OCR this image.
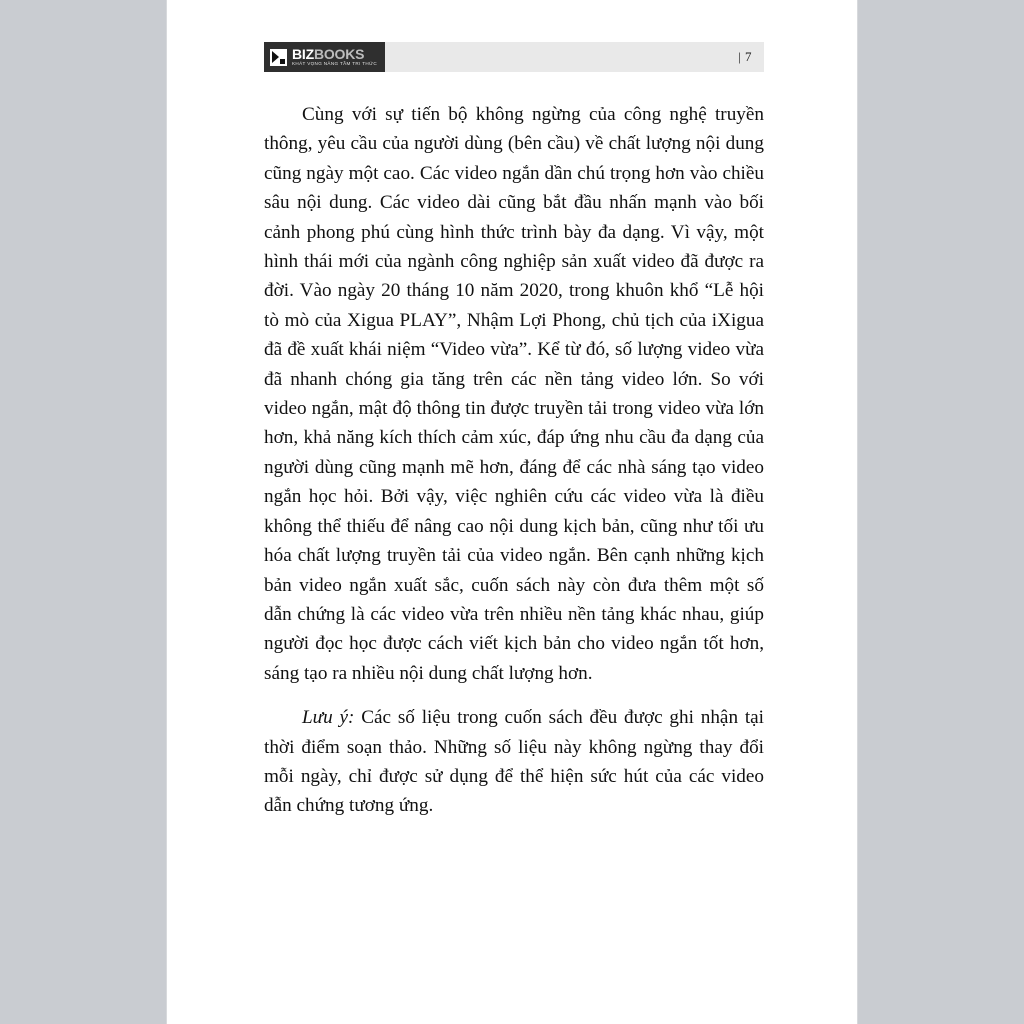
BIZBOOKS
KHÁT VỌNG NÂNG TẦM TRI THỨC	| 7

Cùng với sự tiến bộ không ngừng của công nghệ truyền thông, yêu cầu của người dùng (bên cầu) về chất lượng nội dung cũng ngày một cao. Các video ngắn dần chú trọng hơn vào chiều sâu nội dung. Các video dài cũng bắt đầu nhấn mạnh vào bối cảnh phong phú cùng hình thức trình bày đa dạng. Vì vậy, một hình thái mới của ngành công nghiệp sản xuất video đã được ra đời. Vào ngày 20 tháng 10 năm 2020, trong khuôn khổ “Lễ hội tò mò của Xigua PLAY”, Nhậm Lợi Phong, chủ tịch của iXigua đã đề xuất khái niệm “Video vừa”. Kể từ đó, số lượng video vừa đã nhanh chóng gia tăng trên các nền tảng video lớn. So với video ngắn, mật độ thông tin được truyền tải trong video vừa lớn hơn, khả năng kích thích cảm xúc, đáp ứng nhu cầu đa dạng của người dùng cũng mạnh mẽ hơn, đáng để các nhà sáng tạo video ngắn học hỏi. Bởi vậy, việc nghiên cứu các video vừa là điều không thể thiếu để nâng cao nội dung kịch bản, cũng như tối ưu hóa chất lượng truyền tải của video ngắn. Bên cạnh những kịch bản video ngắn xuất sắc, cuốn sách này còn đưa thêm một số dẫn chứng là các video vừa trên nhiều nền tảng khác nhau, giúp người đọc học được cách viết kịch bản cho video ngắn tốt hơn, sáng tạo ra nhiều nội dung chất lượng hơn.

Lưu ý: Các số liệu trong cuốn sách đều được ghi nhận tại thời điểm soạn thảo. Những số liệu này không ngừng thay đổi mỗi ngày, chỉ được sử dụng để thể hiện sức hút của các video dẫn chứng tương ứng.
